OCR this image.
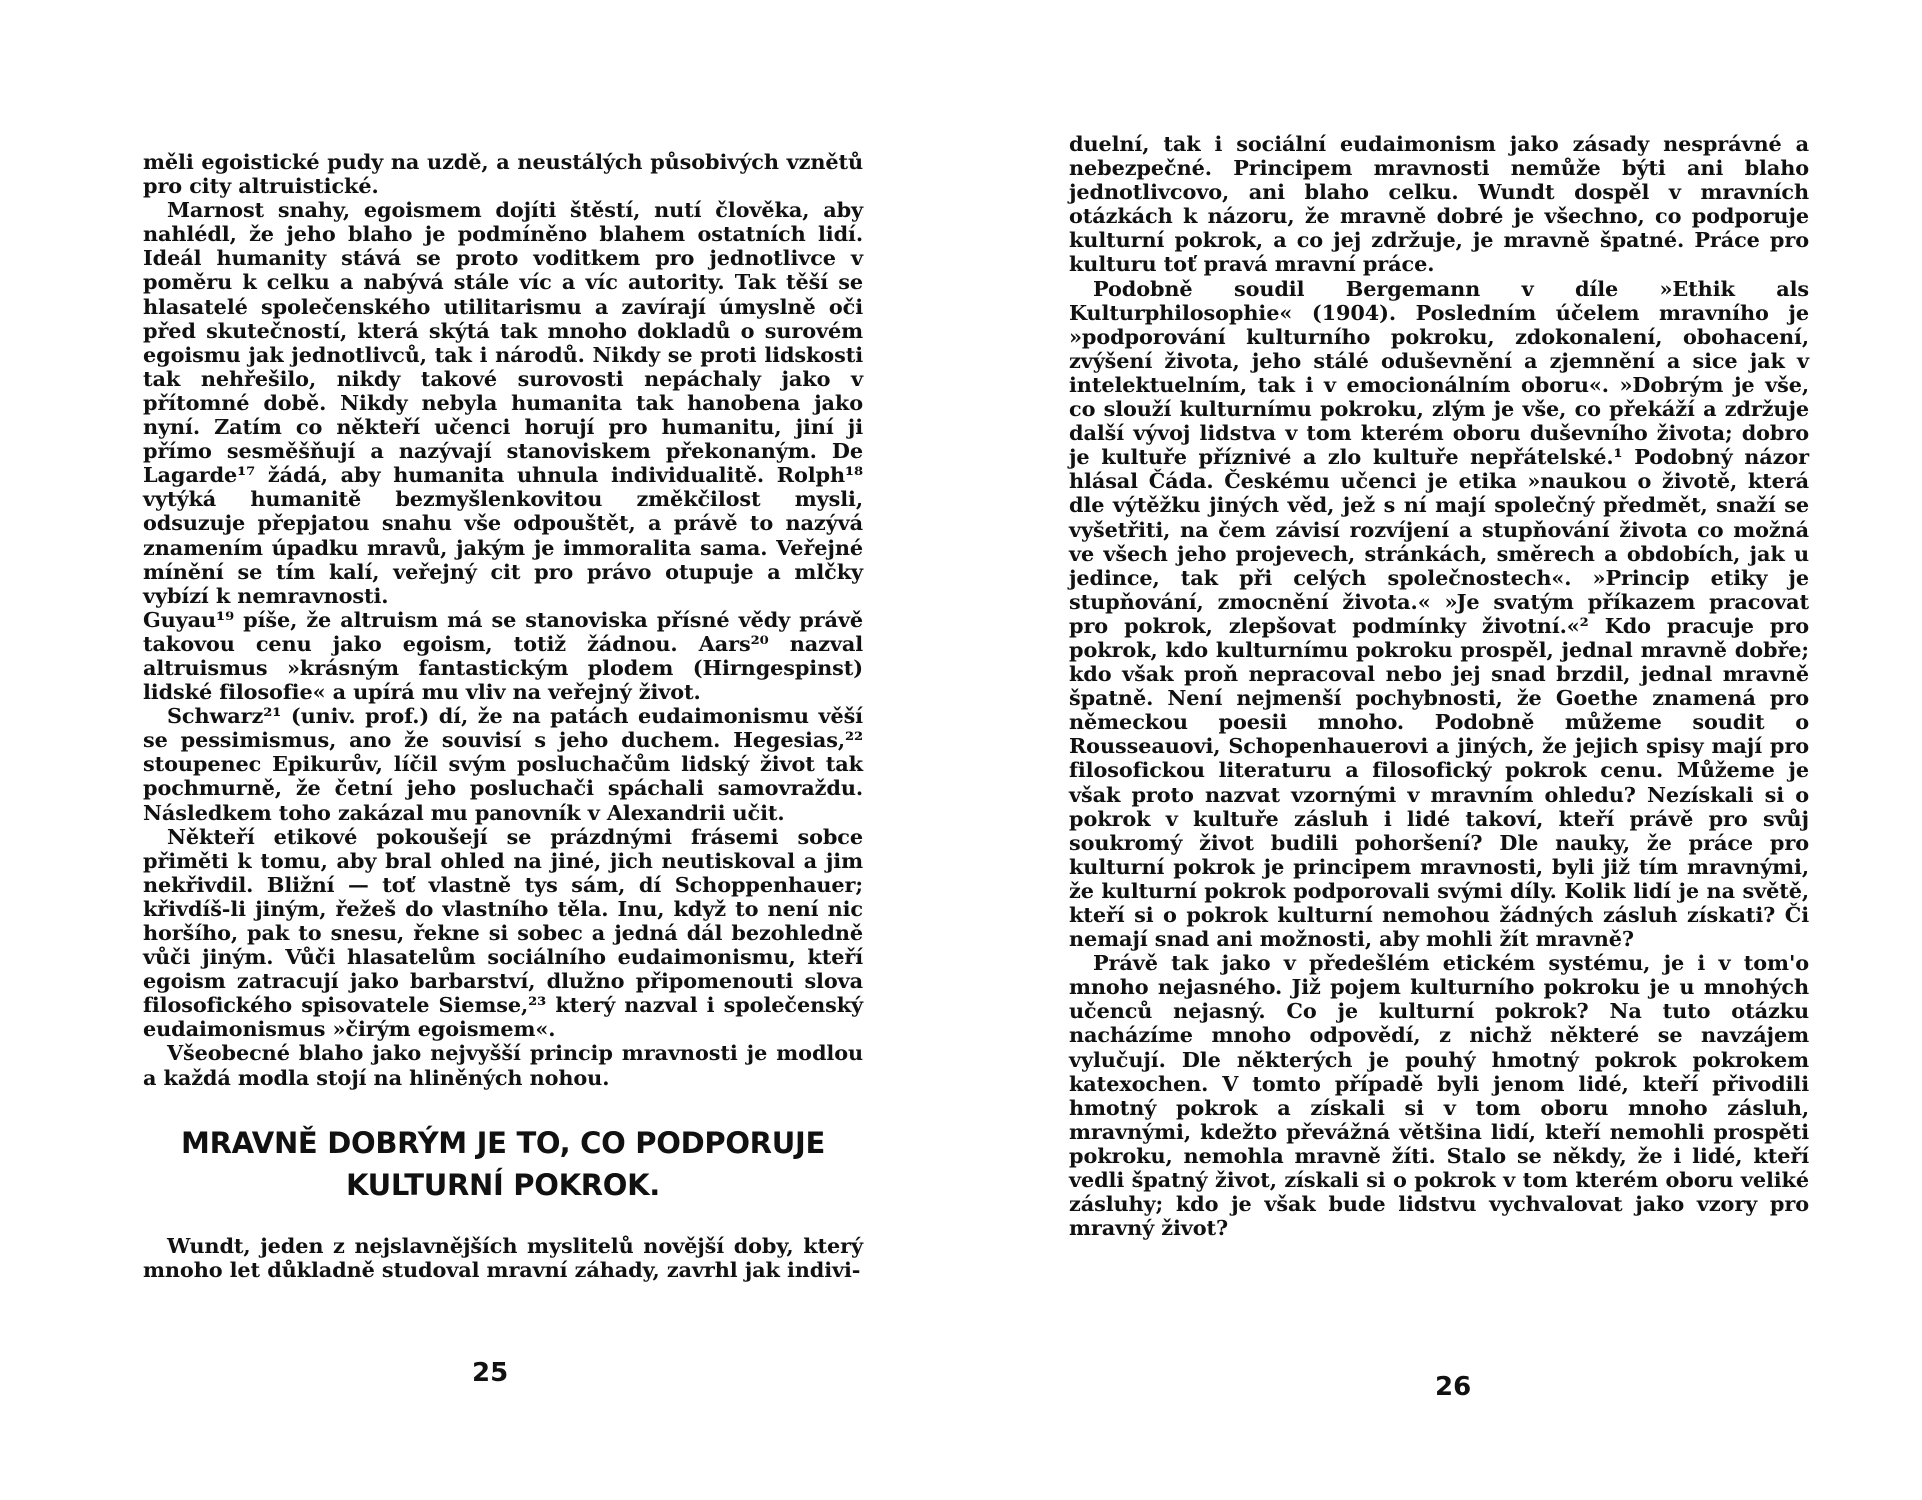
měli egoistické pudy na uzdě, a neustálých působivých vznětů pro city altruistické.

Marnost snahy, egoismem dojíti štěstí, nutí člověka, aby nahlédl, že jeho blaho je podmíněno blahem ostatních lidí. Ideál humanity stává se proto voditkem pro jednotlivce v poměru k celku a nabývá stále víc a víc autority. Tak těší se hlasatelé společenského utilitarismu a zavírají úmyslně oči před skutečností, která skýtá tak mnoho dokladů o surovém egoismu jak jednotlivců, tak i národů. Nikdy se proti lidskosti tak nehřešilo, nikdy takové surovosti nepáchaly jako v přítomné době. Nikdy nebyla humanita tak hanobena jako nyní. Zatím co někteří učenci horují pro humanitu, jiní ji přímo sesměšňují a nazývají stanoviskem překonaným. De Lagarde¹⁷ žádá, aby humanita uhnula individualitě. Rolph¹⁸ vytýká humanitě bezmyšlenkovitou změkčilost mysli, odsuzuje přepjatou snahu vše odpouštět, a právě to nazývá znamením úpadku mravů, jakým je immoralita sama. Veřejné mínění se tím kalí, veřejný cit pro právo otupuje a mlčky vybízí k nemravnosti.

Guyau¹⁹ píše, že altruism má se stanoviska přísné vědy právě takovou cenu jako egoism, totiž žádnou. Aars²⁰ nazval altruismus »krásným fantastickým plodem (Hirngespinst) lidské filosofie« a upírá mu vliv na veřejný život.

Schwarz²¹ (univ. prof.) dí, že na patách eudaimonismu věší se pessimismus, ano že souvisí s jeho duchem. Hegesias,²² stoupenec Epikurův, líčil svým posluchačům lidský život tak pochmurně, že četní jeho posluchači spáchali samovraždu. Následkem toho zakázal mu panovník v Alexandrii učit.

Někteří etikové pokoušejí se prázdnými frásemi sobce přiměti k tomu, aby bral ohled na jiné, jich neutiskoval a jim nekřivdil. Bližní — toť vlastně tys sám, dí Schoppenhauer; křivdíš-li jiným, řežeš do vlastního těla. Inu, když to není nic horšího, pak to snesu, řekne si sobec a jedná dál bezohledně vůči jiným. Vůči hlasatelům sociálního eudaimonismu, kteří egoism zatracují jako barbarství, dlužno připomenouti slova filosofického spisovatele Siemse,²³ který nazval i společenský eudaimonismus »čirým egoismem«.

Všeobecné blaho jako nejvyšší princip mravnosti je modlou a každá modla stojí na hliněných nohou.

MRAVNĚ DOBRÝM JE TO, CO PODPORUJE KULTURNÍ POKROK.

Wundt, jeden z nejslavnějších myslitelů novější doby, který mnoho let důkladně studoval mravní záhady, zavrhl jak indivi-

25

duelní, tak i sociální eudaimonism jako zásady nesprávné a nebezpečné. Principem mravnosti nemůže býti ani blaho jednotlivcovo, ani blaho celku. Wundt dospěl v mravních otázkách k názoru, že mravně dobré je všechno, co podporuje kulturní pokrok, a co jej zdržuje, je mravně špatné. Práce pro kulturu toť pravá mravní práce.

Podobně soudil Bergemann v díle »Ethik als Kulturphilosophie« (1904). Posledním účelem mravního je »podporování kulturního pokroku, zdokonalení, obohacení, zvýšení života, jeho stálé oduševnění a zjemnění a sice jak v intelektuelním, tak i v emocionálním oboru«. »Dobrým je vše, co slouží kulturnímu pokroku, zlým je vše, co překáží a zdržuje další vývoj lidstva v tom kterém oboru duševního života; dobro je kultuře příznivé a zlo kultuře nepřátelské.¹ Podobný názor hlásal Čáda. Českému učenci je etika »naukou o životě, která dle výtěžku jiných věd, jež s ní mají společný předmět, snaží se vyšetřiti, na čem závisí rozvíjení a stupňování života co možná ve všech jeho projevech, stránkách, směrech a obdobích, jak u jedince, tak při celých společnostech«. »Princip etiky je stupňování, zmocnění života.« »Je svatým příkazem pracovat pro pokrok, zlepšovat podmínky životní.«² Kdo pracuje pro pokrok, kdo kulturnímu pokroku prospěl, jednal mravně dobře; kdo však proň nepracoval nebo jej snad brzdil, jednal mravně špatně. Není nejmenší pochybnosti, že Goethe znamená pro německou poesii mnoho. Podobně můžeme soudit o Rousseauovi, Schopenhauerovi a jiných, že jejich spisy mají pro filosofickou literaturu a filosofický pokrok cenu. Můžeme je však proto nazvat vzornými v mravním ohledu? Nezískali si o pokrok v kultuře zásluh i lidé takoví, kteří právě pro svůj soukromý život budili pohoršení? Dle nauky, že práce pro kulturní pokrok je principem mravnosti, byli již tím mravnými, že kulturní pokrok podporovali svými díly. Kolik lidí je na světě, kteří si o pokrok kulturní nemohou žádných zásluh získati? Či nemají snad ani možnosti, aby mohli žít mravně?

Právě tak jako v předešlém etickém systému, je i v tom'o mnoho nejasného. Již pojem kulturního pokroku je u mnohých učenců nejasný. Co je kulturní pokrok? Na tuto otázku nacházíme mnoho odpovědí, z nichž některé se navzájem vylučují. Dle některých je pouhý hmotný pokrok pokrokem katexochen. V tomto případě byli jenom lidé, kteří přivodili hmotný pokrok a získali si v tom oboru mnoho zásluh, mravnými, kdežto převážná většina lidí, kteří nemohli prospěti pokroku, nemohla mravně žíti. Stalo se někdy, že i lidé, kteří vedli špatný život, získali si o pokrok v tom kterém oboru veliké zásluhy; kdo je však bude lidstvu vychvalovat jako vzory pro mravný život?

26
